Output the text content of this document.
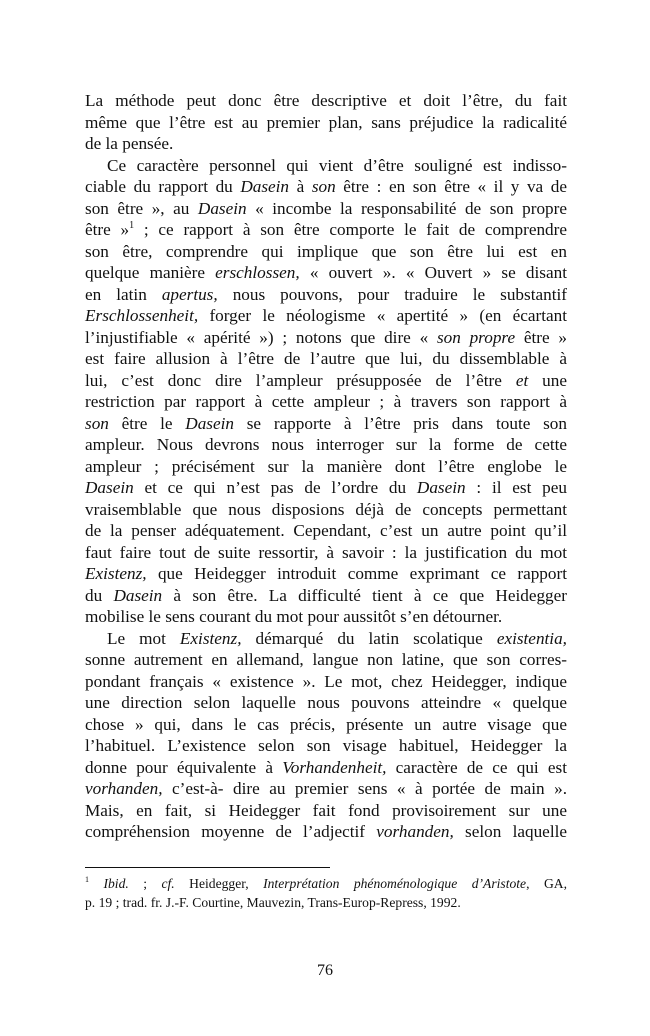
La méthode peut donc être descriptive et doit l’être, du fait
même que l’être est au premier plan, sans préjudice la radicalité
de la pensée.
Ce caractère personnel qui vient d’être souligné est indisso-
ciable du rapport du Dasein à son être : en son être « il y va de
son être », au Dasein « incombe la responsabilité de son propre
être »$^1$ ; ce rapport à son être comporte le fait de comprendre
son être, comprendre qui implique que son être lui est en
quelque manière erschlossen, « ouvert ». « Ouvert » se disant
en latin apertus, nous pouvons, pour traduire le substantif
Erschlossenheit, forger le néologisme « apertité » (en écartant
l’injustifiable « apérité ») ; notons que dire « son propre être »
est faire allusion à l’être de l’autre que lui, du dissemblable à
lui, c’est donc dire l’ampleur présupposée de l’être et une
restriction par rapport à cette ampleur ; à travers son rapport à
son être le Dasein se rapporte à l’être pris dans toute son
ampleur. Nous devrons nous interroger sur la forme de cette
ampleur ; précisément sur la manière dont l’être englobe le
Dasein et ce qui n’est pas de l’ordre du Dasein : il est peu
vraisemblable que nous disposions déjà de concepts permettant
de la penser adéquatement. Cependant, c’est un autre point qu’il
faut faire tout de suite ressortir, à savoir : la justification du mot
Existenz, que Heidegger introduit comme exprimant ce rapport
du Dasein à son être. La difficulté tient à ce que Heidegger
mobilise le sens courant du mot pour aussitôt s’en détourner.
Le mot Existenz, démarqué du latin scolatique existentia,
sonne autrement en allemand, langue non latine, que son corres-
pondant français « existence ». Le mot, chez Heidegger, indique
une direction selon laquelle nous pouvons atteindre « quelque
chose » qui, dans le cas précis, présente un autre visage que
l’habituel. L’existence selon son visage habituel, Heidegger la
donne pour équivalente à Vorhandenheit, caractère de ce qui est
vorhanden, c’est-à- dire au premier sens « à portée de main ».
Mais, en fait, si Heidegger fait fond provisoirement sur une
compréhension moyenne de l’adjectif vorhanden, selon laquelle
$^1$ Ibid. ; cf. Heidegger, Interprétation phénoménologique d’Aristote, GA,
p. 19 ; trad. fr. J.-F. Courtine, Mauvezin, Trans-Europ-Repress, 1992.
76
